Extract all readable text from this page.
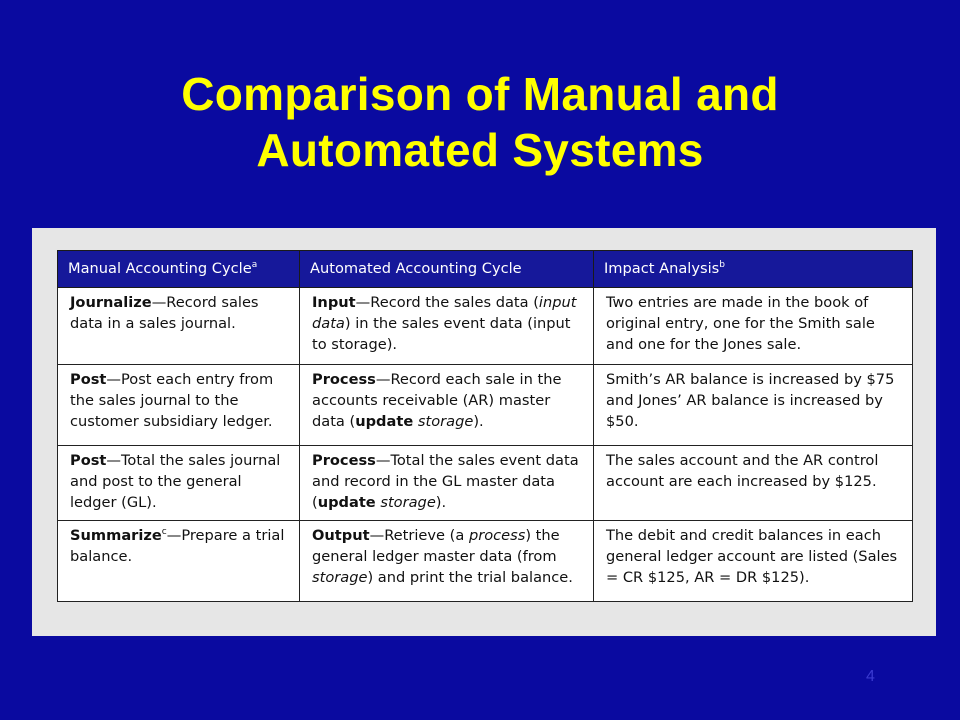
Comparison of Manual and
Automated Systems
Manual Accounting Cycle$^a$	Automated Accounting Cycle	Impact Analysis$^b$
Journalize—Record sales data in a sales journal.	Input—Record the sales data (input data) in the sales event data (input to storage).	Two entries are made in the book of original entry, one for the Smith sale and one for the Jones sale.
Post—Post each entry from the sales journal to the customer subsidiary ledger.	Process—Record each sale in the accounts receivable (AR) master data (update storage).	Smith’s AR balance is increased by $75 and Jones’ AR balance is increased by $50.
Post—Total the sales journal and post to the general ledger (GL).	Process—Total the sales event data and record in the GL master data (update storage).	The sales account and the AR control account are each increased by $125.
Summarize$^c$—Prepare a trial balance.	Output—Retrieve (a process) the general ledger master data (from storage) and print the trial balance.	The debit and credit balances in each general ledger account are listed (Sales = CR $125, AR = DR $125).
4
